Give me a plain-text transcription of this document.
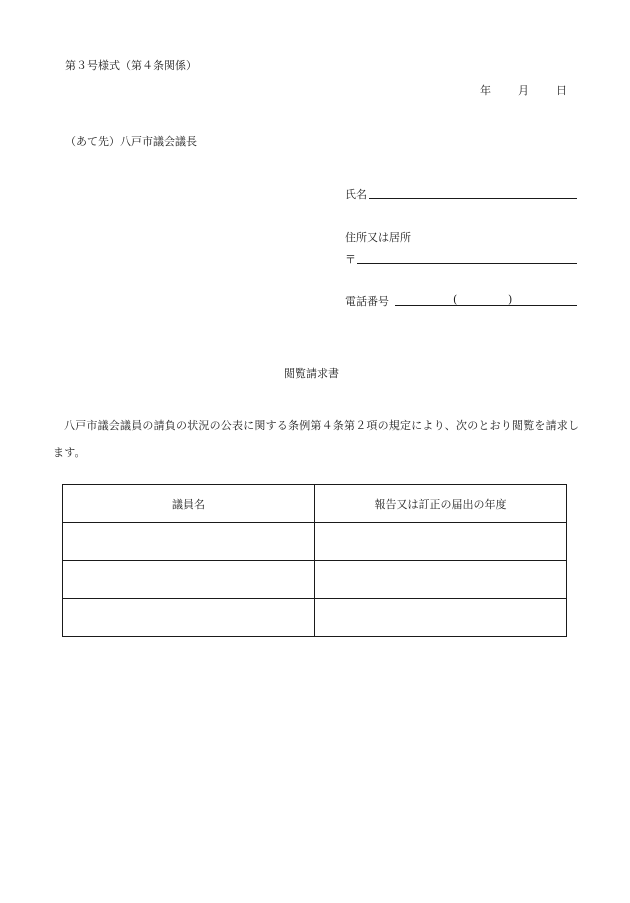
第３号様式（第４条関係）
年 月 日
（あて先）八戸市議会議長
氏名
住所又は居所
〒
電話番号	(	)
閲覧請求書
八戸市議会議員の請負の状況の公表に関する条例第４条第２項の規定により、次のとおり閲覧を請求します。
議員名	報告又は訂正の届出の年度
